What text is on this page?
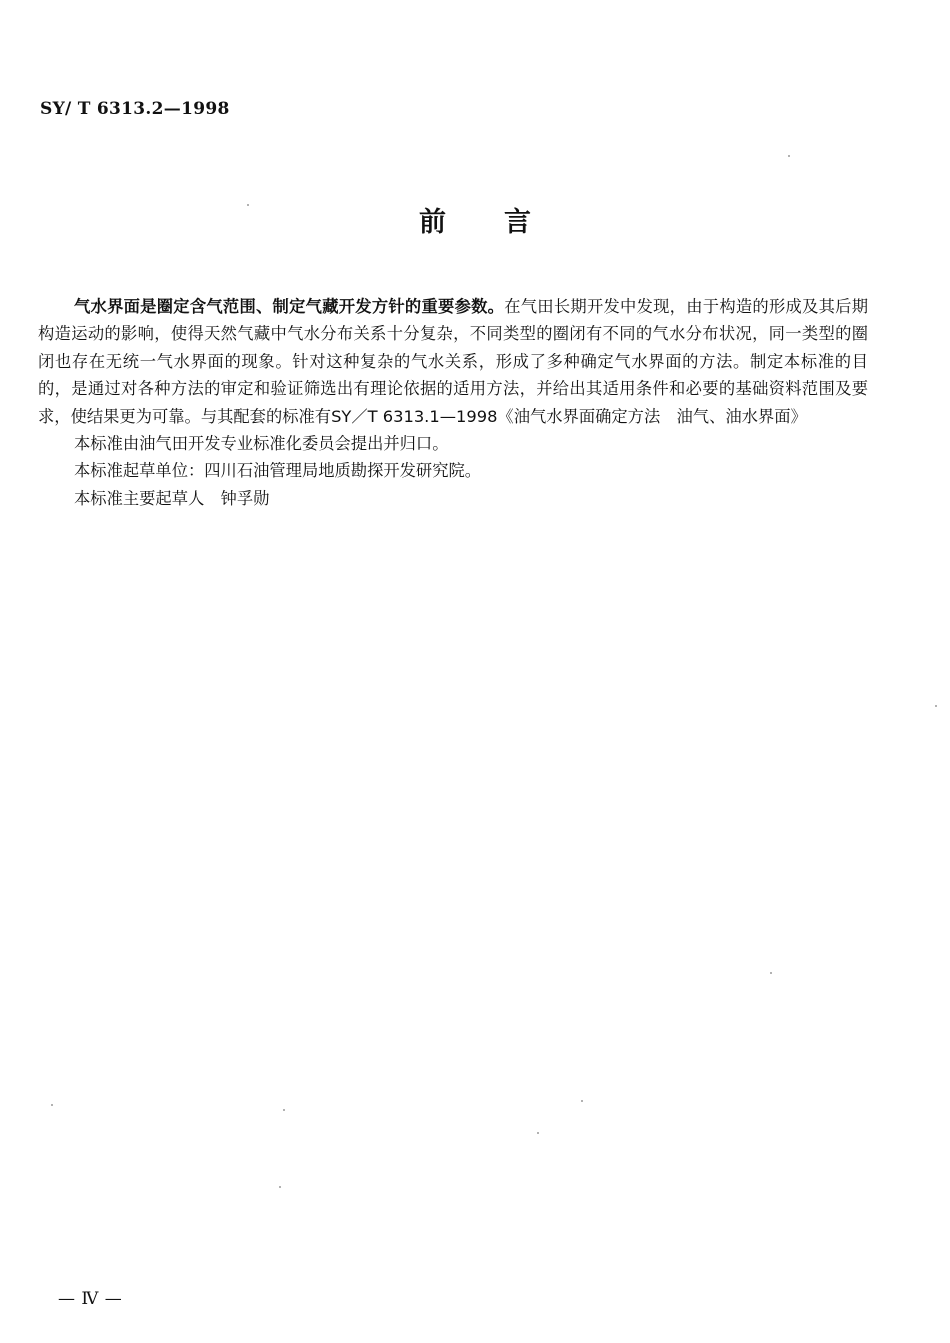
SY/ T 6313.2—1998
前言

气水界面是圈定含气范围、制定气藏开发方针的重要参数。在气田长期开发中发现，由于构造的形成及其后期构造运动的影响，使得天然气藏中气水分布关系十分复杂，不同类型的圈闭有不同的气水分布状况，同一类型的圈闭也存在无统一气水界面的现象。针对这种复杂的气水关系，形成了多种确定气水界面的方法。制定本标准的目的，是通过对各种方法的审定和验证筛选出有理论依据的适用方法，并给出其适用条件和必要的基础资料范围及要求，使结果更为可靠。与其配套的标准有SY／T 6313.1—1998《油气水界面确定方法　油气、油水界面》

本标准由油气田开发专业标准化委员会提出并归口。

本标准起草单位：四川石油管理局地质勘探开发研究院。

本标准主要起草人　钟孚勋

— Ⅳ —
